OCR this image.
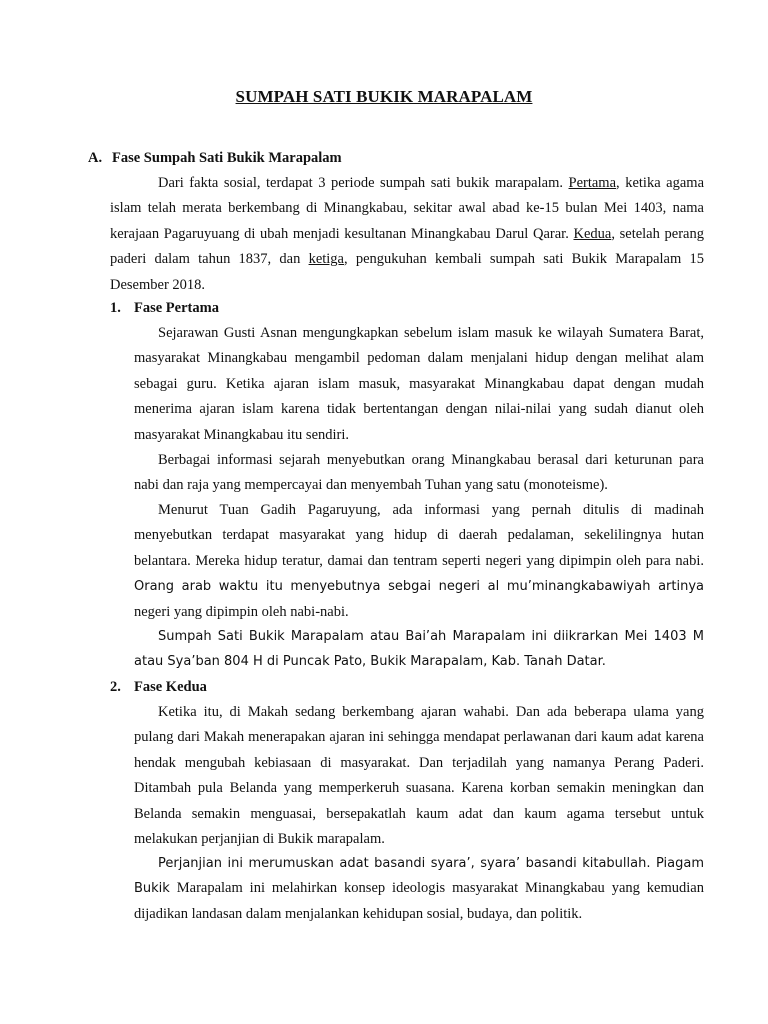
SUMPAH SATI BUKIK MARAPALAM
A. Fase Sumpah Sati Bukik Marapalam

Dari fakta sosial, terdapat 3 periode sumpah sati bukik marapalam. Pertama, ketika agama islam telah merata berkembang di Minangkabau, sekitar awal abad ke-15 bulan Mei 1403, nama kerajaan Pagaruyuang di ubah menjadi kesultanan Minangkabau Darul Qarar. Kedua, setelah perang paderi dalam tahun 1837, dan ketiga, pengukuhan kembali sumpah sati Bukik Marapalam 15 Desember 2018.

1. Fase Pertama

Sejarawan Gusti Asnan mengungkapkan sebelum islam masuk ke wilayah Sumatera Barat, masyarakat Minangkabau mengambil pedoman dalam menjalani hidup dengan melihat alam sebagai guru. Ketika ajaran islam masuk, masyarakat Minangkabau dapat dengan mudah menerima ajaran islam karena tidak bertentangan dengan nilai-nilai yang sudah dianut oleh masyarakat Minangkabau itu sendiri.

Berbagai informasi sejarah menyebutkan orang Minangkabau berasal dari keturunan para nabi dan raja yang mempercayai dan menyembah Tuhan yang satu (monoteisme).

Menurut Tuan Gadih Pagaruyung, ada informasi yang pernah ditulis di madinah menyebutkan terdapat masyarakat yang hidup di daerah pedalaman, sekelilingnya hutan belantara. Mereka hidup teratur, damai dan tentram seperti negeri yang dipimpin oleh para nabi. Orang arab waktu itu menyebutnya sebgai negeri al mu’minangkabawiyah artinya negeri yang dipimpin oleh nabi-nabi.

Sumpah Sati Bukik Marapalam atau Bai’ah Marapalam ini diikrarkan Mei 1403 M atau Sya’ban 804 H di Puncak Pato, Bukik Marapalam, Kab. Tanah Datar.

2. Fase Kedua

Ketika itu, di Makah sedang berkembang ajaran wahabi. Dan ada beberapa ulama yang pulang dari Makah menerapakan ajaran ini sehingga mendapat perlawanan dari kaum adat karena hendak mengubah kebiasaan di masyarakat. Dan terjadilah yang namanya Perang Paderi. Ditambah pula Belanda yang memperkeruh suasana. Karena korban semakin meningkan dan Belanda semakin menguasai, bersepakatlah kaum adat dan kaum agama tersebut untuk melakukan perjanjian di Bukik marapalam.

Perjanjian ini merumuskan adat basandi syara’, syara’ basandi kitabullah. Piagam Bukik Marapalam ini melahirkan konsep ideologis masyarakat Minangkabau yang kemudian dijadikan landasan dalam menjalankan kehidupan sosial, budaya, dan politik.
